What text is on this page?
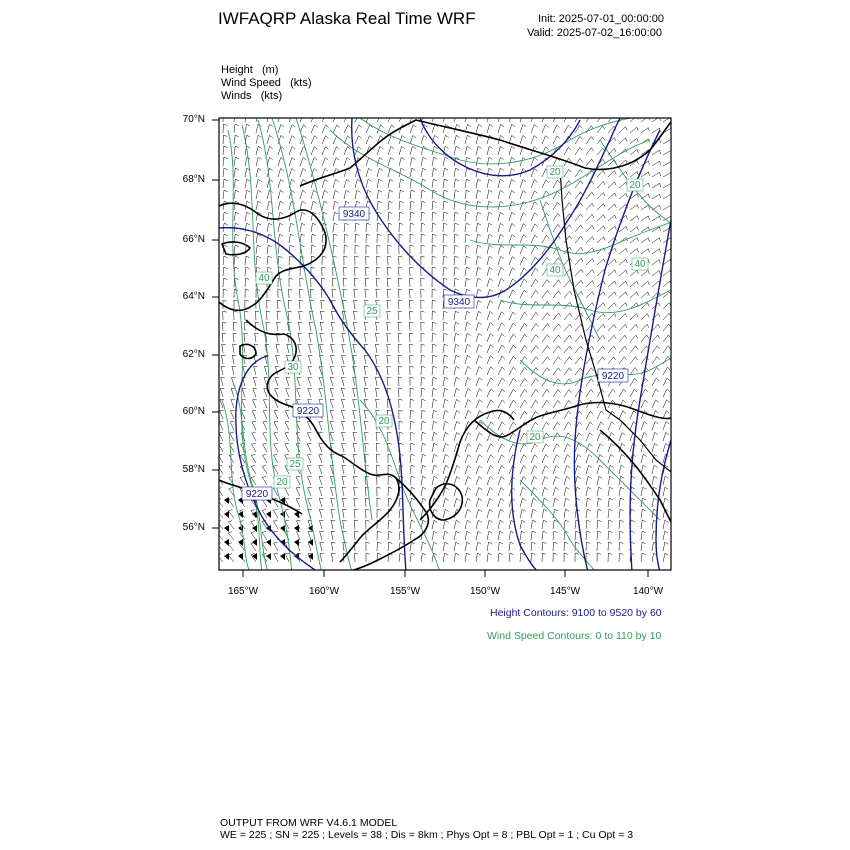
IWFAQRP Alaska Real Time WRF	Init: 2025-07-01_00:00:00
Valid: 2025-07-02_16:00:00
Height (m)
Wind Speed (kts)
Winds (kts)
9340
9340
9220
9220
9220
20
20
40
40
25
30
20
20
25
20
40
70°N
68°N
66°N
64°N
62°N
60°N
58°N
56°N
165°W	160°W	155°W	150°W	145°W	140°W
Height Contours: 9100 to 9520 by 60
Wind Speed Contours: 0 to 110 by 10
OUTPUT FROM WRF V4.6.1 MODEL
WE = 225 ; SN = 225 ; Levels = 38 ; Dis = 8km ; Phys Opt = 8 ; PBL Opt = 1 ; Cu Opt = 3
